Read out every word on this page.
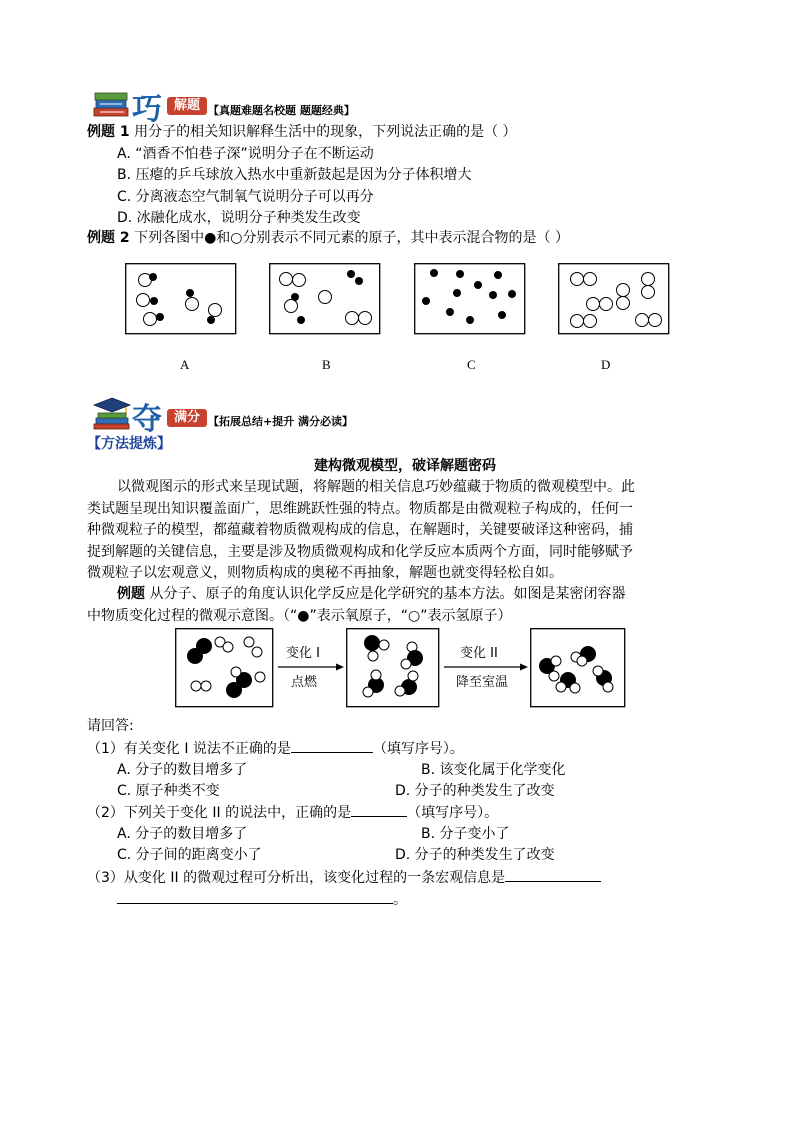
巧 解题 【真题难题名校题 题题经典】
例题 1 用分子的相关知识解释生活中的现象，下列说法正确的是（ ）
A. “酒香不怕巷子深”说明分子在不断运动
B. 压瘪的乒乓球放入热水中重新鼓起是因为分子体积增大
C. 分离液态空气制氧气说明分子可以再分
D. 冰融化成水，说明分子种类发生改变
例题 2 下列各图中●和○分别表示不同元素的原子，其中表示混合物的是（ ）
A	B	C	D
夺 满分 【拓展总结+提升 满分必读】
【方法提炼】
建构微观模型，破译解题密码
以微观图示的形式来呈现试题，将解题的相关信息巧妙蕴藏于物质的微观模型中。此
类试题呈现出知识覆盖面广，思维跳跃性强的特点。物质都是由微观粒子构成的，任何一
种微观粒子的模型，都蕴藏着物质微观构成的信息，在解题时，关键要破译这种密码，捕
捉到解题的关键信息，主要是涉及物质微观构成和化学反应本质两个方面，同时能够赋予
微观粒子以宏观意义，则物质构成的奥秘不再抽象，解题也就变得轻松自如。
例题 从分子、原子的角度认识化学反应是化学研究的基本方法。如图是某密闭容器
中物质变化过程的微观示意图。（“●”表示氧原子，“○”表示氢原子）
变化 I
点燃
变化 II
降至室温
请回答:
（1）有关变化 I 说法不正确的是	（填写序号）。
A. 分子的数目增多了	B. 该变化属于化学变化
C. 原子种类不变	D. 分子的种类发生了改变
（2）下列关于变化 II 的说法中，正确的是	（填写序号）。
A. 分子的数目增多了	B. 分子变小了
C. 分子间的距离变小了	D. 分子的种类发生了改变
（3）从变化 II 的微观过程可分析出，该变化过程的一条宏观信息是
。
